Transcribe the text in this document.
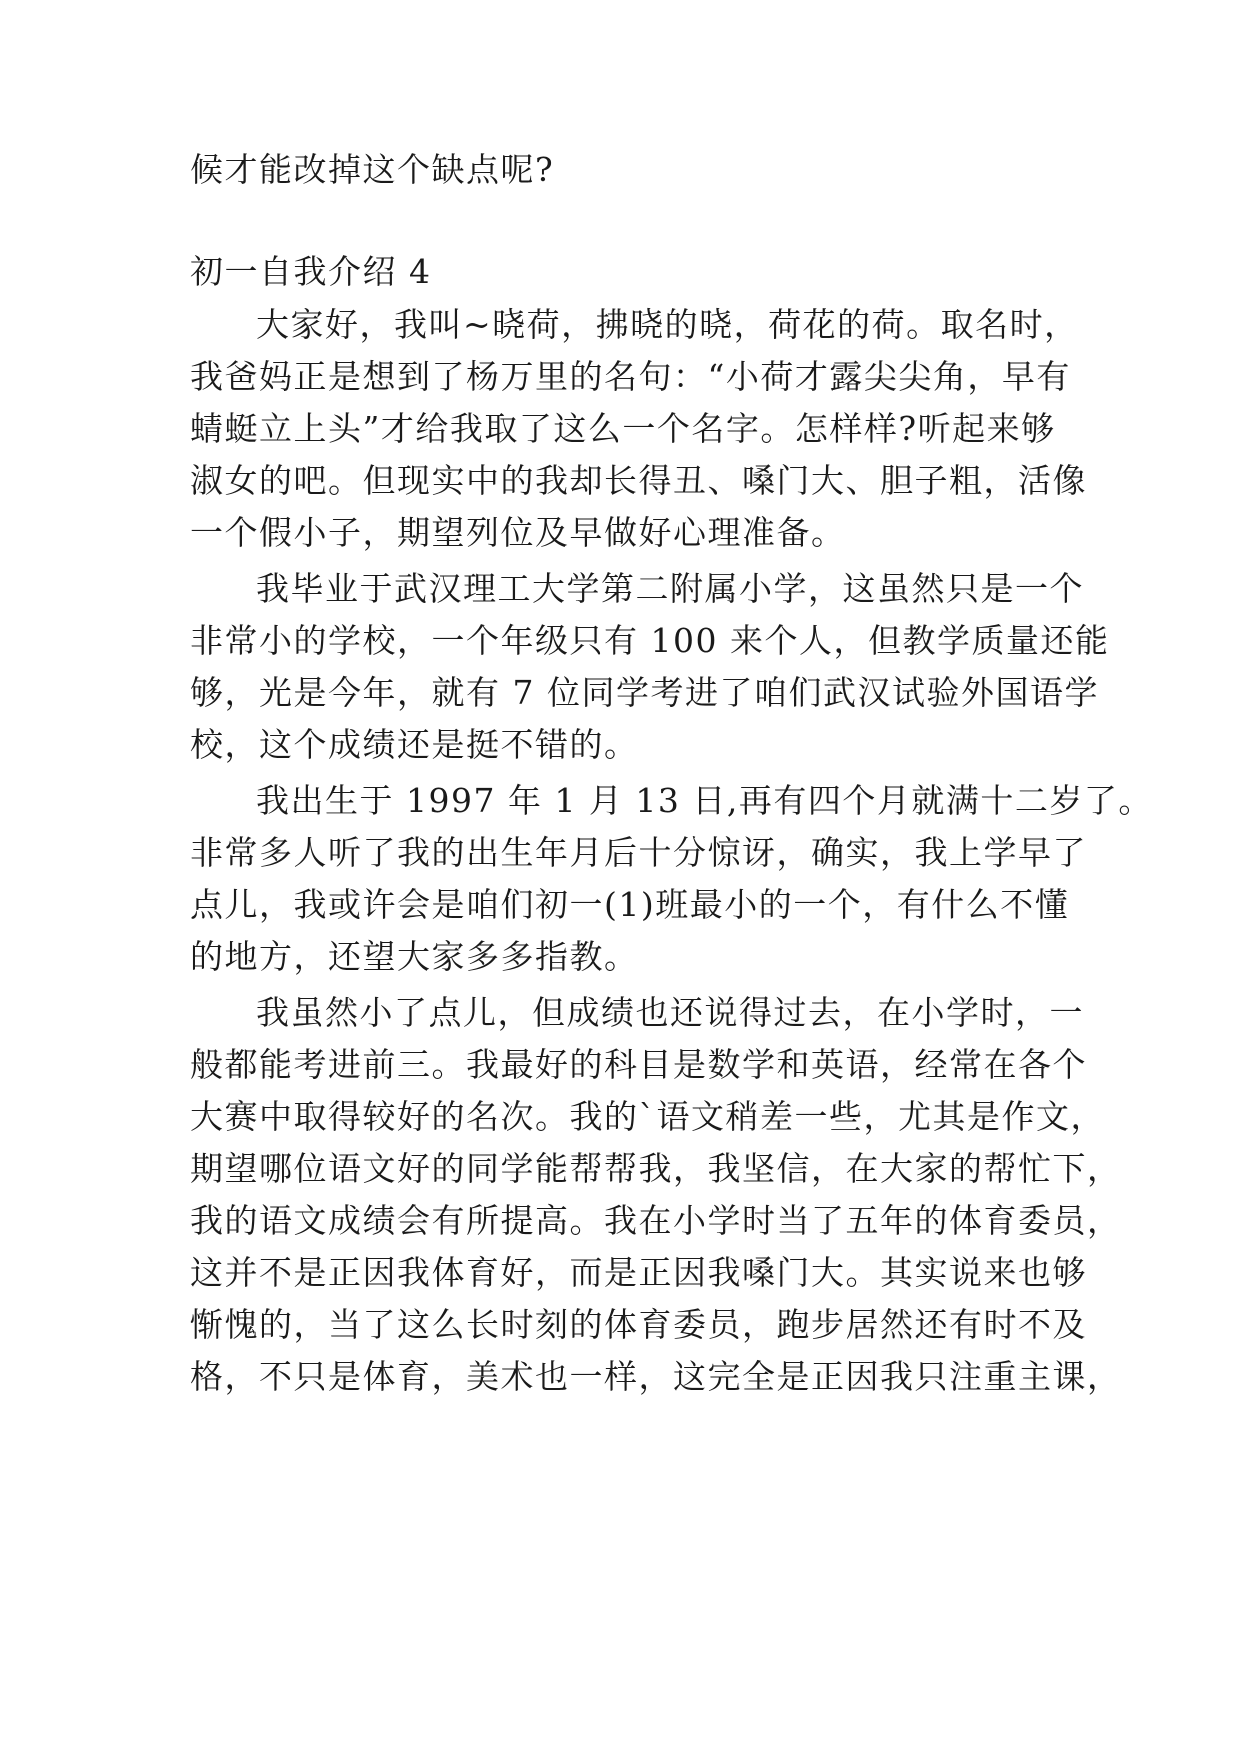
候才能改掉这个缺点呢?
初一自我介绍 4
大家好，我叫~晓荷，拂晓的晓，荷花的荷。取名时，
我爸妈正是想到了杨万里的名句：“小荷才露尖尖角，早有
蜻蜓立上头”才给我取了这么一个名字。怎样样?听起来够
淑女的吧。但现实中的我却长得丑、嗓门大、胆子粗，活像
一个假小子，期望列位及早做好心理准备。
我毕业于武汉理工大学第二附属小学，这虽然只是一个
非常小的学校，一个年级只有 100 来个人，但教学质量还能
够，光是今年，就有 7 位同学考进了咱们武汉试验外国语学
校，这个成绩还是挺不错的。
我出生于 1997 年 1 月 13 日,再有四个月就满十二岁了。
非常多人听了我的出生年月后十分惊讶，确实，我上学早了
点儿，我或许会是咱们初一(1)班最小的一个，有什么不懂
的地方，还望大家多多指教。
我虽然小了点儿，但成绩也还说得过去，在小学时，一
般都能考进前三。我最好的科目是数学和英语，经常在各个
大赛中取得较好的名次。我的`语文稍差一些，尤其是作文，
期望哪位语文好的同学能帮帮我，我坚信，在大家的帮忙下，
我的语文成绩会有所提高。我在小学时当了五年的体育委员，
这并不是正因我体育好，而是正因我嗓门大。其实说来也够
惭愧的，当了这么长时刻的体育委员，跑步居然还有时不及
格，不只是体育，美术也一样，这完全是正因我只注重主课，
